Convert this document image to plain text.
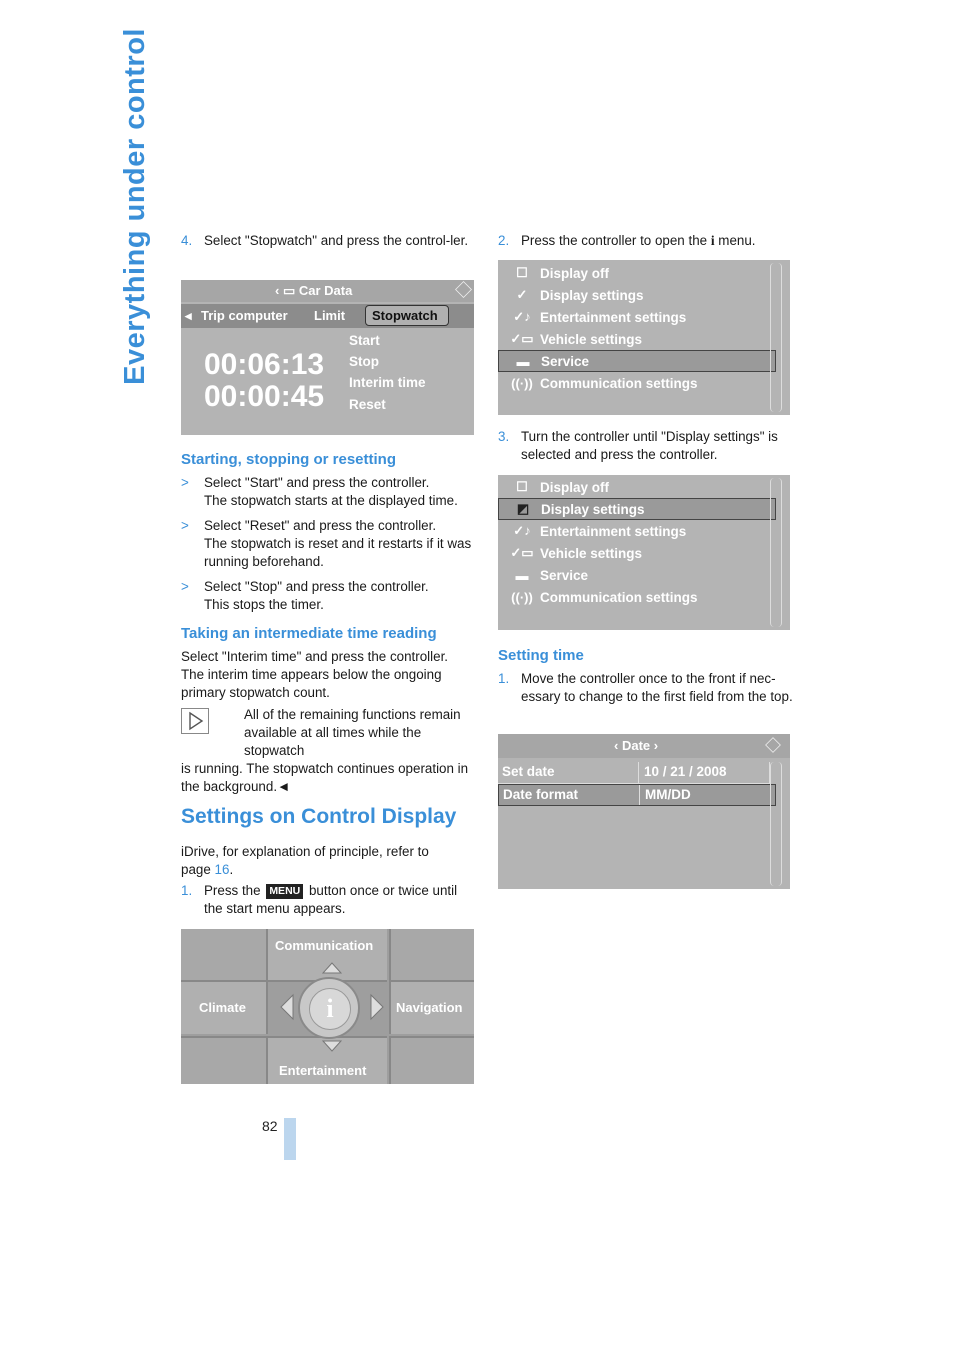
Everything under control
82
4. Select "Stopwatch" and press the control-ler.
‹ ▭ Car Data
◂ Trip computer Limit Stopwatch
00:06:13
00:00:45
Start
Stop
Interim time
Reset
Starting, stopping or resetting
>	Select "Start" and press the controller.
The stopwatch starts at the displayed time.
>	Select "Reset" and press the controller.
The stopwatch is reset and it restarts if it was running beforehand.
>	Select "Stop" and press the controller.
This stops the timer.
Taking an intermediate time reading

Select "Interim time" and press the controller. The interim time appears below the ongoing primary stopwatch count.

All of the remaining functions remain available at all times while the stopwatch
is running. The stopwatch continues operation in the background.◄
Settings on Control Display

iDrive, for explanation of principle, refer to page 16.

1. Press the MENU button once or twice until the start menu appears.
Communication
Climate	Navigation
Entertainment
i
2. Press the controller to open the i menu.
☐ Display off
✓ Display settings
✓♪ Entertainment settings
✓▭ Vehicle settings
▬ Service
((·)) Communication settings
3. Turn the controller until "Display settings" is selected and press the controller.
☐ Display off
◩ Display settings
✓♪ Entertainment settings
✓▭ Vehicle settings
▬ Service
((·)) Communication settings
Setting time
1. Move the controller once to the front if nec-essary to change to the first field from the top.
‹ Date ›
Set date	10 / 21 / 2008
Date format	MM/DD
